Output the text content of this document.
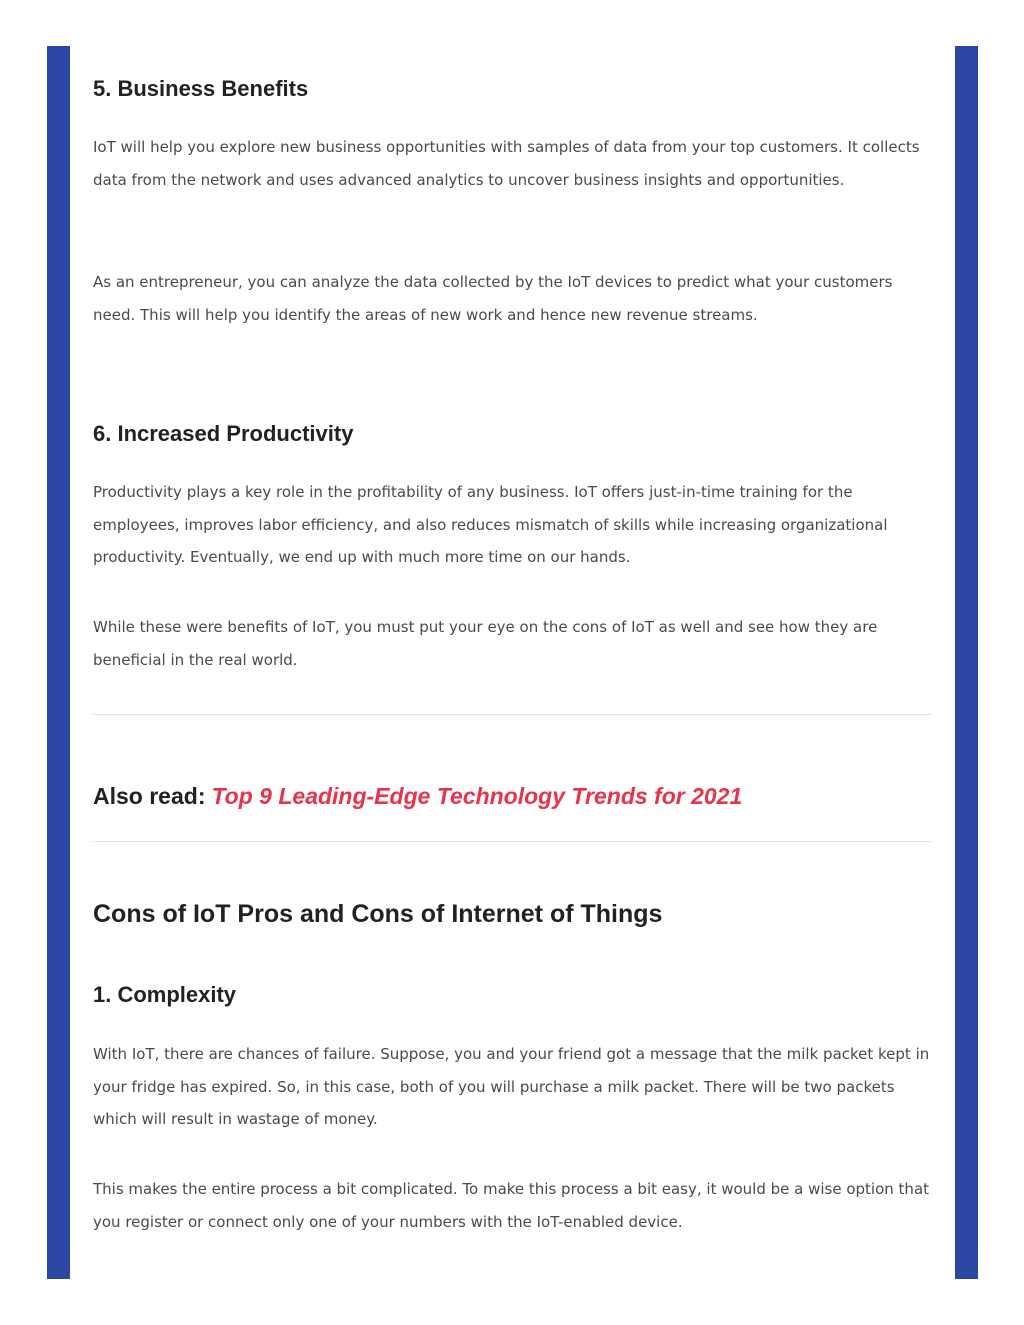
5. Business Benefits

IoT will help you explore new business opportunities with samples of data from your top customers. It collects data from the network and uses advanced analytics to uncover business insights and opportunities.

As an entrepreneur, you can analyze the data collected by the IoT devices to predict what your customers need. This will help you identify the areas of new work and hence new revenue streams.

6. Increased Productivity

Productivity plays a key role in the profitability of any business. IoT offers just-in-time training for the employees, improves labor efficiency, and also reduces mismatch of skills while increasing organizational productivity. Eventually, we end up with much more time on our hands.

While these were benefits of IoT, you must put your eye on the cons of IoT as well and see how they are beneficial in the real world.

Also read: Top 9 Leading-Edge Technology Trends for 2021

Cons of IoT Pros and Cons of Internet of Things
1. Complexity

With IoT, there are chances of failure. Suppose, you and your friend got a message that the milk packet kept in your fridge has expired. So, in this case, both of you will purchase a milk packet. There will be two packets which will result in wastage of money.

This makes the entire process a bit complicated. To make this process a bit easy, it would be a wise option that you register or connect only one of your numbers with the IoT-enabled device.
